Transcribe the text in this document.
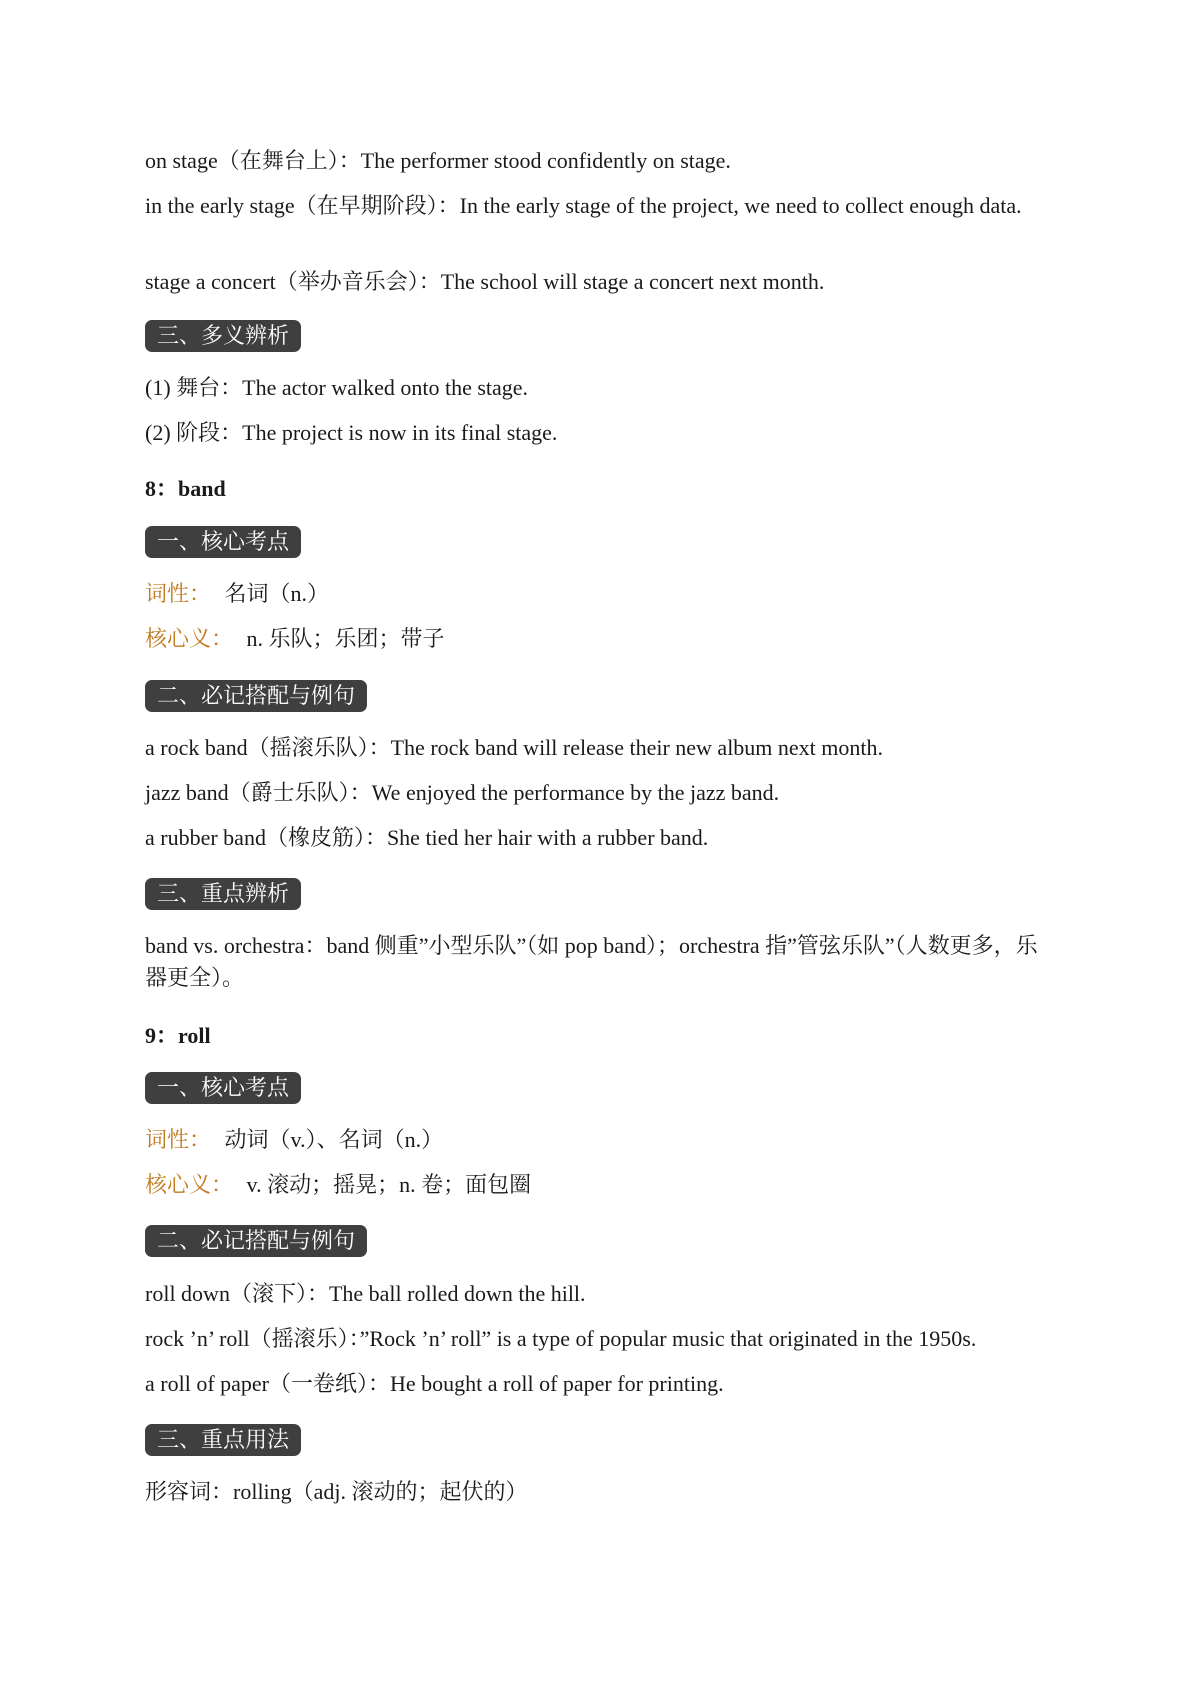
on stage（在舞台上）：The performer stood confidently on stage.
in the early stage（在早期阶段）：In the early stage of the project, we need to collect enough data.
stage a concert（举办音乐会）：The school will stage a concert next month.
三、多义辨析
(1) 舞台：The actor walked onto the stage.
(2) 阶段：The project is now in its final stage.
8：band
一、核心考点
词性： 名词（n.）
核心义： n. 乐队；乐团；带子
二、必记搭配与例句
a rock band（摇滚乐队）：The rock band will release their new album next month.
jazz band（爵士乐队）：We enjoyed the performance by the jazz band.
a rubber band（橡皮筋）：She tied her hair with a rubber band.
三、重点辨析
band vs. orchestra：band 侧重”小型乐队”（如 pop band）；orchestra 指”管弦乐队”（人数更多，乐器更全）。
9：roll
一、核心考点
词性： 动词（v.）、名词（n.）
核心义： v. 滚动；摇晃；n. 卷；面包圈
二、必记搭配与例句
roll down（滚下）：The ball rolled down the hill.
rock ’n’ roll（摇滚乐）：”Rock ’n’ roll” is a type of popular music that originated in the 1950s.
a roll of paper（一卷纸）：He bought a roll of paper for printing.
三、重点用法
形容词：rolling（adj. 滚动的；起伏的）
